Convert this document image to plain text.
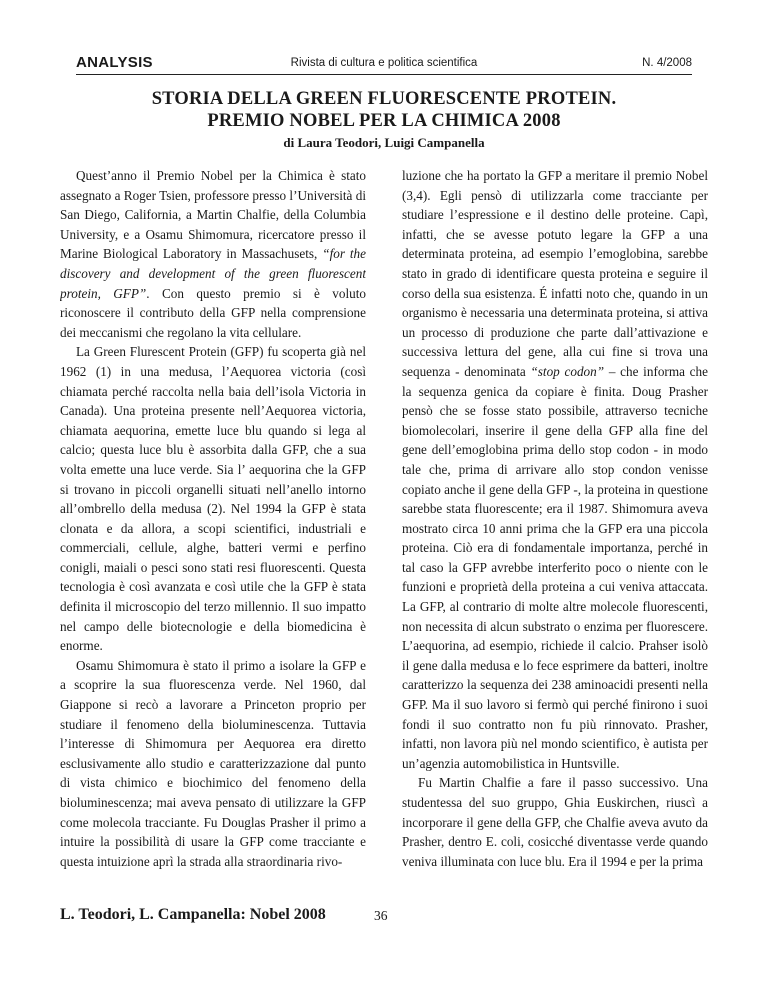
ANALYSIS	Rivista di cultura e politica scientifica	N. 4/2008
STORIA DELLA GREEN FLUORESCENTE PROTEIN.
PREMIO NOBEL PER LA CHIMICA 2008
di Laura Teodori, Luigi Campanella

Quest’anno il Premio Nobel per la Chimica è stato assegnato a Roger Tsien, professore presso l’Università di San Diego, California, a Martin Chalfie, della Columbia University, e a Osamu Shimomura, ricercatore presso il Marine Biological Laboratory in Massachusets, “for the discovery and development of the green fluorescent protein, GFP”. Con questo premio si è voluto riconoscere il contributo della GFP nella comprensione dei meccanismi che regolano la vita cellulare.

La Green Flurescent Protein (GFP) fu scoperta già nel 1962 (1) in una medusa, l’Aequorea victoria (così chiamata perché raccolta nella baia dell’isola Victoria in Canada). Una proteina presente nell’Aequorea victoria, chiamata aequorina, emette luce blu quando si lega al calcio; questa luce blu è assorbita dalla GFP, che a sua volta emette una luce verde. Sia l’ aequorina che la GFP si trovano in piccoli organelli situati nell’anello intorno all’ombrello della medusa (2). Nel 1994 la GFP è stata clonata e da allora, a scopi scientifici, industriali e commerciali, cellule, alghe, batteri vermi e perfino conigli, maiali o pesci sono stati resi fluorescenti. Questa tecnologia è così avanzata e così utile che la GFP è stata definita il microscopio del terzo millennio. Il suo impatto nel campo delle biotecnologie e della biomedicina è enorme.

Osamu Shimomura è stato il primo a isolare la GFP e a scoprire la sua fluorescenza verde. Nel 1960, dal Giappone si recò a lavorare a Princeton proprio per studiare il fenomeno della bioluminescenza. Tuttavia l’interesse di Shimomura per Aequorea era diretto esclusivamente allo studio e caratterizzazione dal punto di vista chimico e biochimico del fenomeno della bioluminescenza; mai aveva pensato di utilizzare la GFP come molecola tracciante. Fu Douglas Prasher il primo a intuire la possibilità di usare la GFP come tracciante e questa intuizione aprì la strada alla straordinaria rivo-

luzione che ha portato la GFP a meritare il premio Nobel (3,4). Egli pensò di utilizzarla come tracciante per studiare l’espressione e il destino delle proteine. Capì, infatti, che se avesse potuto legare la GFP a una determinata proteina, ad esempio l’emoglobina, sarebbe stato in grado di identificare questa proteina e seguire il corso della sua esistenza. É infatti noto che, quando in un organismo è necessaria una determinata proteina, si attiva un processo di produzione che parte dall’attivazione e successiva lettura del gene, alla cui fine si trova una sequenza - denominata “stop codon” – che informa che la sequenza genica da copiare è finita. Doug Prasher pensò che se fosse stato possibile, attraverso tecniche biomolecolari, inserire il gene della GFP alla fine del gene dell’emoglobina prima dello stop codon - in modo tale che, prima di arrivare allo stop condon venisse copiato anche il gene della GFP -, la proteina in questione sarebbe stata fluorescente; era il 1987. Shimomura aveva mostrato circa 10 anni prima che la GFP era una piccola proteina. Ciò era di fondamentale importanza, perché in tal caso la GFP avrebbe interferito poco o niente con le funzioni e proprietà della proteina a cui veniva attaccata. La GFP, al contrario di molte altre molecole fluorescenti, non necessita di alcun substrato o enzima per fluorescere. L’aequorina, ad esempio, richiede il calcio. Prahser isolò il gene dalla medusa e lo fece esprimere da batteri, inoltre caratterizzo la sequenza dei 238 aminoacidi presenti nella GFP. Ma il suo lavoro si fermò qui perché finirono i suoi fondi il suo contratto non fu più rinnovato. Prasher, infatti, non lavora più nel mondo scientifico, è autista per un’agenzia automobilistica in Huntsville.

Fu Martin Chalfie a fare il passo successivo. Una studentessa del suo gruppo, Ghia Euskirchen, riuscì a incorporare il gene della GFP, che Chalfie aveva avuto da Prasher, dentro E. coli, cosicché diventasse verde quando veniva illuminata con luce blu. Era il 1994 e per la prima

L. Teodori, L. Campanella: Nobel 2008	36
